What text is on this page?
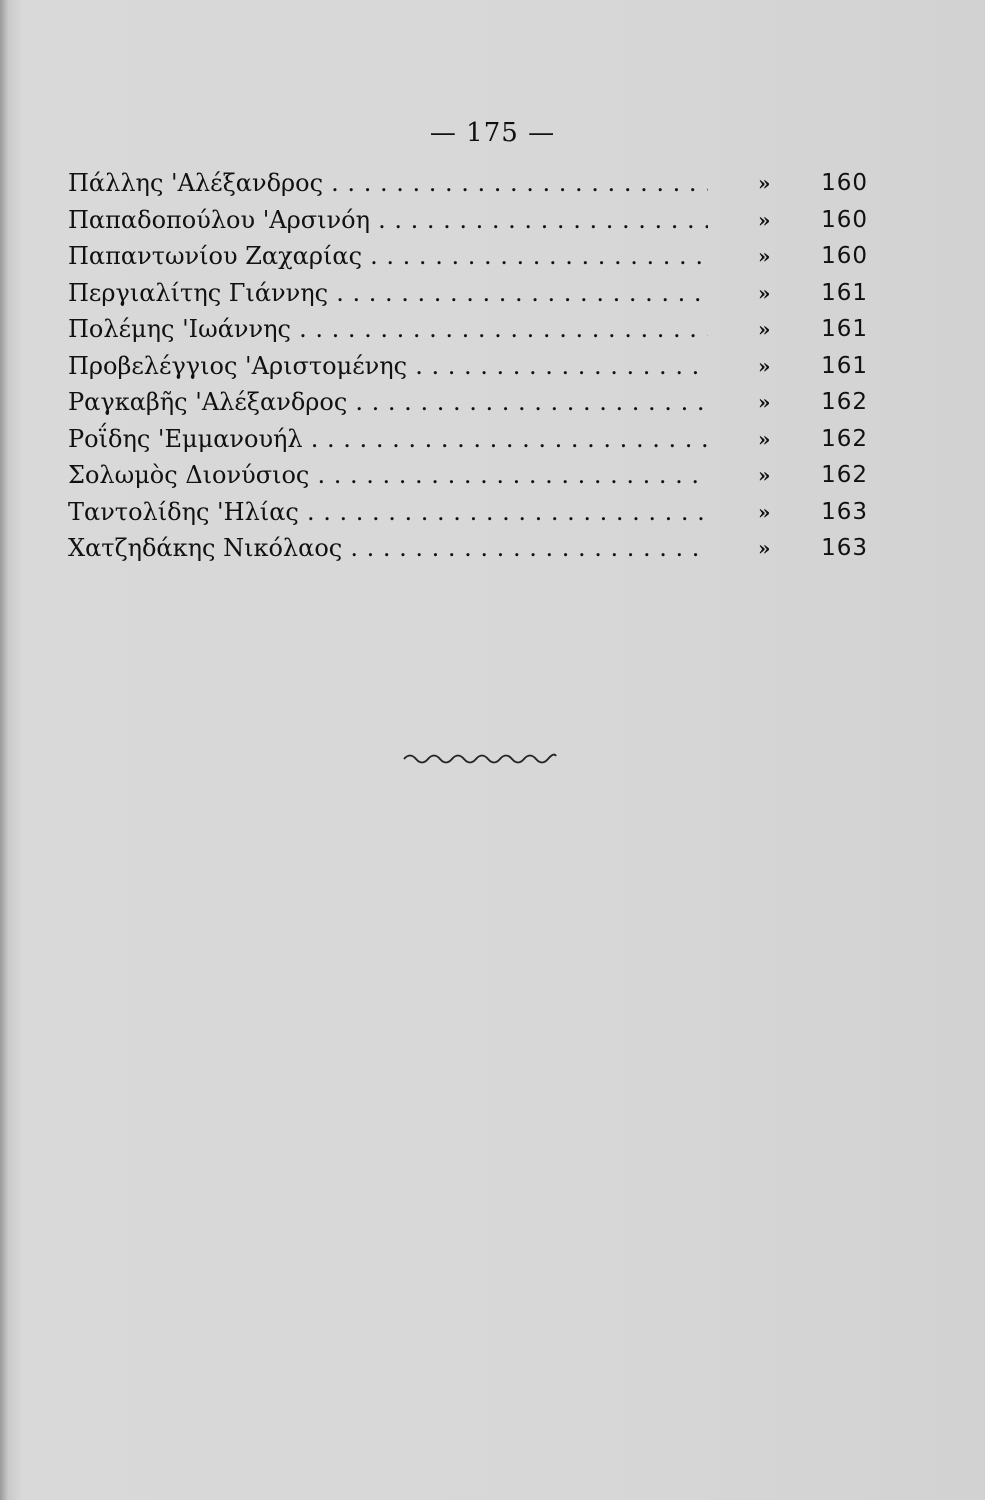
— 175 —
Πάλλης 'Αλέξανδρος . . .	» 160
Παπαδοπούλου 'Αρσινόη . . .	» 160
Παπαντωνίου Ζαχαρίας . . .	» 160
Περγιαλίτης Γιάννης . . .	» 161
Πολέμης 'Ιωάννης . . .	» 161
Προβελέγγιος 'Αριστομένης . . .	» 161
Ραγκαβῆς 'Αλέξανδρος . . .	» 162
Ροΐδης 'Εμμανουήλ . . .	» 162
Σολωμὸς Διονύσιος . . .	» 162
Ταντολίδης 'Ηλίας . . .	» 163
Χατζηδάκης Νικόλαος . . .	» 163
